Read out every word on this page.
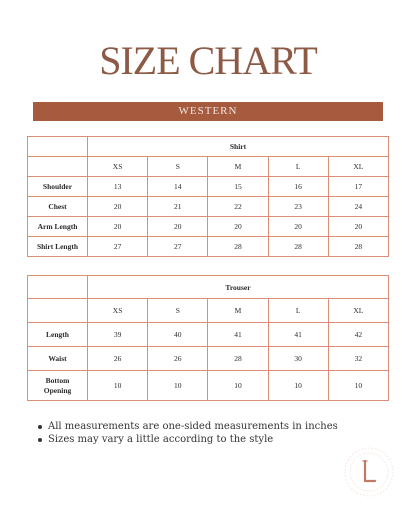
SIZE CHART
WESTERN
	Shirt				
	XS	S	M	L	XL
Shoulder	13	14	15	16	17
Chest	20	21	22	23	24
Arm Length	20	20	20	20	20
Shirt Length	27	27	28	28	28
	Trouser				
	XS	S	M	L	XL
Length	39	40	41	41	42
Waist	26	26	28	30	32
Bottom
Opening	10	10	10	10	10
All measurements are one-sided measurements in inches
Sizes may vary a little according to the style
